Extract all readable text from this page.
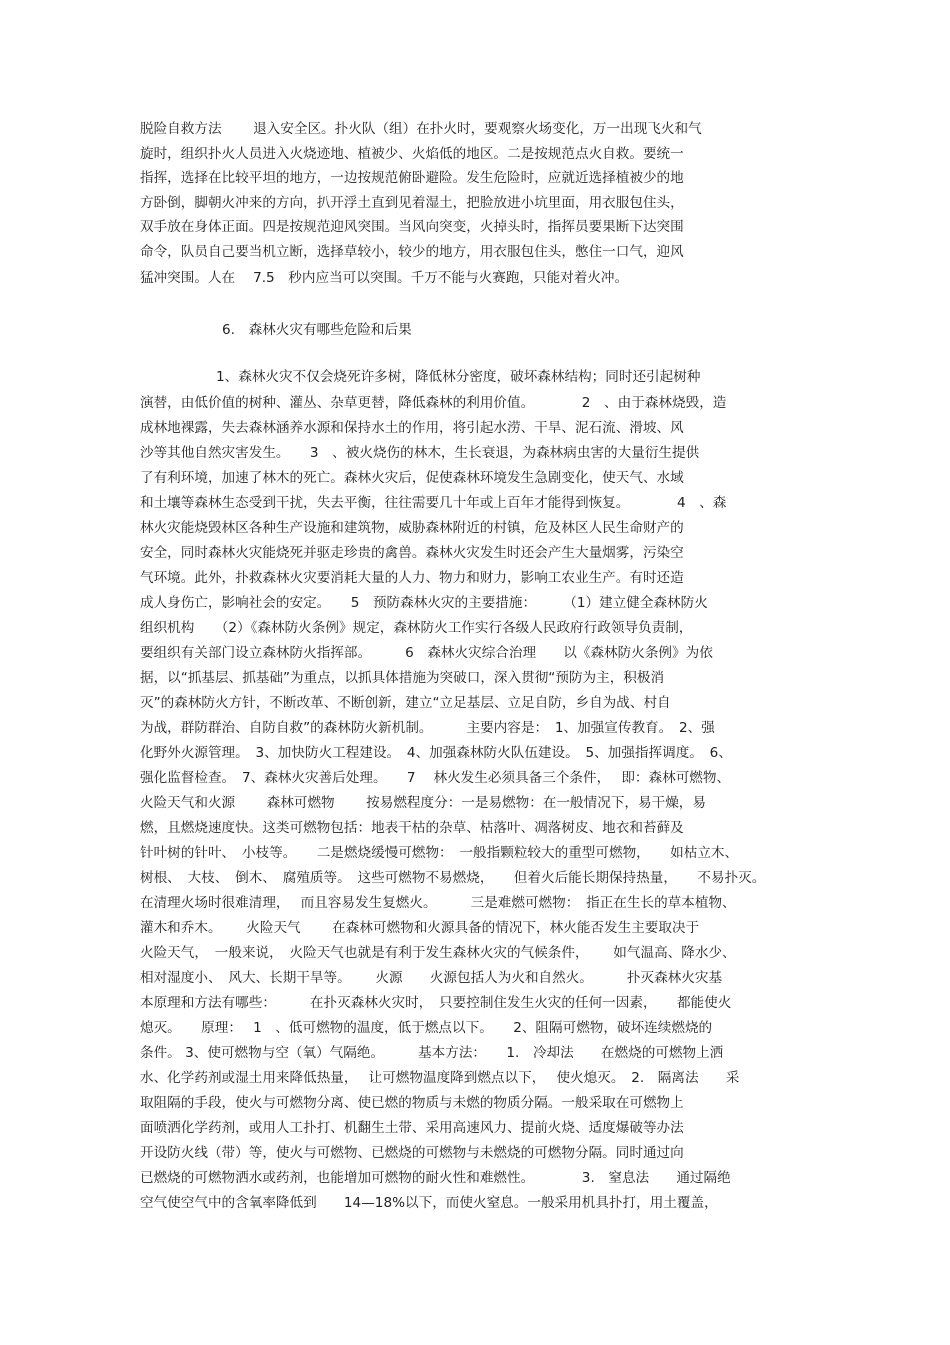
脱险自救方法　　 退入安全区。扑火队（组）在扑火时，要观察火场变化，万一出现飞火和气
旋时，组织扑火人员进入火烧迹地、植被少、火焰低的地区。二是按规范点火自救。要统一
指挥，选择在比较平坦的地方，一边按规范俯卧避险。发生危险时，应就近选择植被少的地
方卧倒，脚朝火冲来的方向，扒开浮土直到见着湿土，把脸放进小坑里面，用衣服包住头，
双手放在身体正面。四是按规范迎风突围。当风向突变，火掉头时，指挥员要果断下达突围
命令，队员自己要当机立断，选择草较小，较少的地方，用衣服包住头，憋住一口气，迎风
猛冲突围。人在　 7.5　秒内应当可以突围。千万不能与火赛跑，只能对着火冲。
6.　森林火灾有哪些危险和后果
1、森林火灾不仅会烧死许多树，降低林分密度，破坏森林结构；同时还引起树种
演替，由低价值的树种、灌丛、杂草更替，降低森林的利用价值。　　　　2　、由于森林烧毁，造
成林地裸露，失去森林涵养水源和保持水土的作用，将引起水涝、干旱、泥石流、滑坡、风
沙等其他自然灾害发生。　　3　、被火烧伤的林木，生长衰退，为森林病虫害的大量衍生提供
了有利环境，加速了林木的死亡。森林火灾后，促使森林环境发生急剧变化，使天气、水域
和土壤等森林生态受到干扰，失去平衡，往往需要几十年或上百年才能得到恢复。　　　　4　、森
林火灾能烧毁林区各种生产设施和建筑物，威胁森林附近的村镇，危及林区人民生命财产的
安全，同时森林火灾能烧死并驱走珍贵的禽兽。森林火灾发生时还会产生大量烟雾，污染空
气环境。此外，扑救森林火灾要消耗大量的人力、物力和财力，影响工农业生产。有时还造
成人身伤亡，影响社会的安定。　　5　预防森林火灾的主要措施：　　　（1）建立健全森林防火
组织机构　　（2）《森林防火条例》规定，森林防火工作实行各级人民政府行政领导负责制，
要组织有关部门设立森林防火指挥部。　　　6　森林火灾综合治理　　以《森林防火条例》为依
据，以“抓基层、抓基础”为重点，以抓具体措施为突破口，深入贯彻“预防为主，积极消
灭”的森林防火方针，不断改革、不断创新，建立“立足基层、立足自防，乡自为战、村自
为战，群防群治、自防自救”的森林防火新机制。　　　主要内容是：　1、加强宣传教育。　2、强
化野外火源管理。　3、加快防火工程建设。　4、加强森林防火队伍建设。　5、加强指挥调度。　6、
强化监督检查。　7、森林火灾善后处理。　　7　 林火发生必须具备三个条件，　 即：森林可燃物、
火险天气和火源　　 森林可燃物　　 按易燃程度分：一是易燃物：在一般情况下，易干燥，易
燃，且燃烧速度快。这类可燃物包括：地表干枯的杂草、枯落叶、凋落树皮、地衣和苔藓及
针叶树的针叶、　小枝等。　　二是燃烧缓慢可燃物：　一般指颗粒较大的重型可燃物，　　如枯立木、
树根、　大枝、　倒木、　腐殖质等。　这些可燃物不易燃烧，　　但着火后能长期保持热量，　　不易扑灭。
在清理火场时很难清理，　 而且容易发生复燃火。　　　三是难燃可燃物：　指正在生长的草本植物、
灌木和乔木。　　 火险天气　　 在森林可燃物和火源具备的情况下，林火能否发生主要取决于
火险天气，　一般来说，　火险天气也就是有利于发生森林火灾的气候条件，　　 如气温高、降水少、
相对湿度小、　风大、长期干旱等。　　 火源　　火源包括人为火和自然火。　　　扑灭森林火灾基
本原理和方法有哪些：　　　在扑灭森林火灾时，　只要控制住发生火灾的任何一因素，　　都能使火
熄灭。　　原理：　 1　、低可燃物的温度，低于燃点以下。　　2、阻隔可燃物，破坏连续燃烧的
条件。 3、使可燃物与空（氧）气隔绝。　　　基本方法：　　1.　冷却法　　在燃烧的可燃物上洒
水、化学药剂或湿土用来降低热量，　 让可燃物温度降到燃点以下，　 使火熄灭。　2.　隔离法　　采
取阻隔的手段，使火与可燃物分离、使已燃的物质与未燃的物质分隔。一般采取在可燃物上
面喷洒化学药剂，或用人工扑打、机翻生土带、采用高速风力、提前火烧、适度爆破等办法
开设防火线（带）等，使火与可燃物、已燃烧的可燃物与未燃烧的可燃物分隔。同时通过向
已燃烧的可燃物洒水或药剂，也能增加可燃物的耐火性和难燃性。　　　　3.　窒息法　　通过隔绝
空气使空气中的含氧率降低到　　14—18%以下，而使火窒息。一般采用机具扑打，用土覆盖，
